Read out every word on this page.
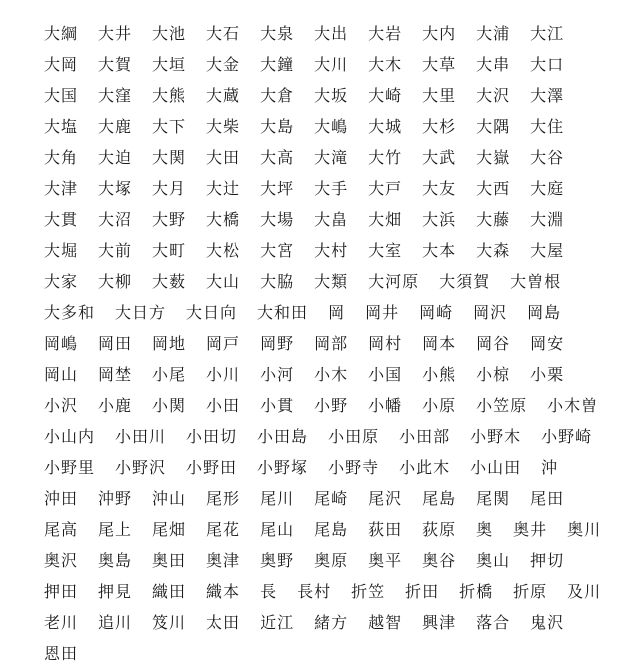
大綱 大井 大池 大石 大泉 大出 大岩 大内 大浦 大江
大岡 大賀 大垣 大金 大鐘 大川 大木 大草 大串 大口
大国 大窪 大熊 大蔵 大倉 大坂 大崎 大里 大沢 大澤
大塩 大鹿 大下 大柴 大島 大嶋 大城 大杉 大隅 大住
大角 大迫 大関 大田 大高 大滝 大竹 大武 大嶽 大谷
大津 大塚 大月 大辻 大坪 大手 大戸 大友 大西 大庭
大貫 大沼 大野 大橋 大場 大畠 大畑 大浜 大藤 大淵
大堀 大前 大町 大松 大宮 大村 大室 大本 大森 大屋
大家 大柳 大薮 大山 大脇 大類 大河原 大須賀 大曽根
大多和 大日方 大日向 大和田 岡 岡井 岡崎 岡沢 岡島
岡嶋 岡田 岡地 岡戸 岡野 岡部 岡村 岡本 岡谷 岡安
岡山 岡埜 小尾 小川 小河 小木 小国 小熊 小椋 小栗
小沢 小鹿 小関 小田 小貫 小野 小幡 小原 小笠原 小木曽
小山内 小田川 小田切 小田島 小田原 小田部 小野木 小野崎
小野里 小野沢 小野田 小野塚 小野寺 小此木 小山田 沖
沖田 沖野 沖山 尾形 尾川 尾崎 尾沢 尾島 尾関 尾田
尾高 尾上 尾畑 尾花 尾山 尾島 荻田 荻原 奥 奥井 奥川
奥沢 奥島 奥田 奥津 奥野 奥原 奥平 奥谷 奥山 押切
押田 押見 織田 織本 長 長村 折笠 折田 折橋 折原 及川
老川 追川 笈川 太田 近江 緒方 越智 興津 落合 鬼沢
恩田
